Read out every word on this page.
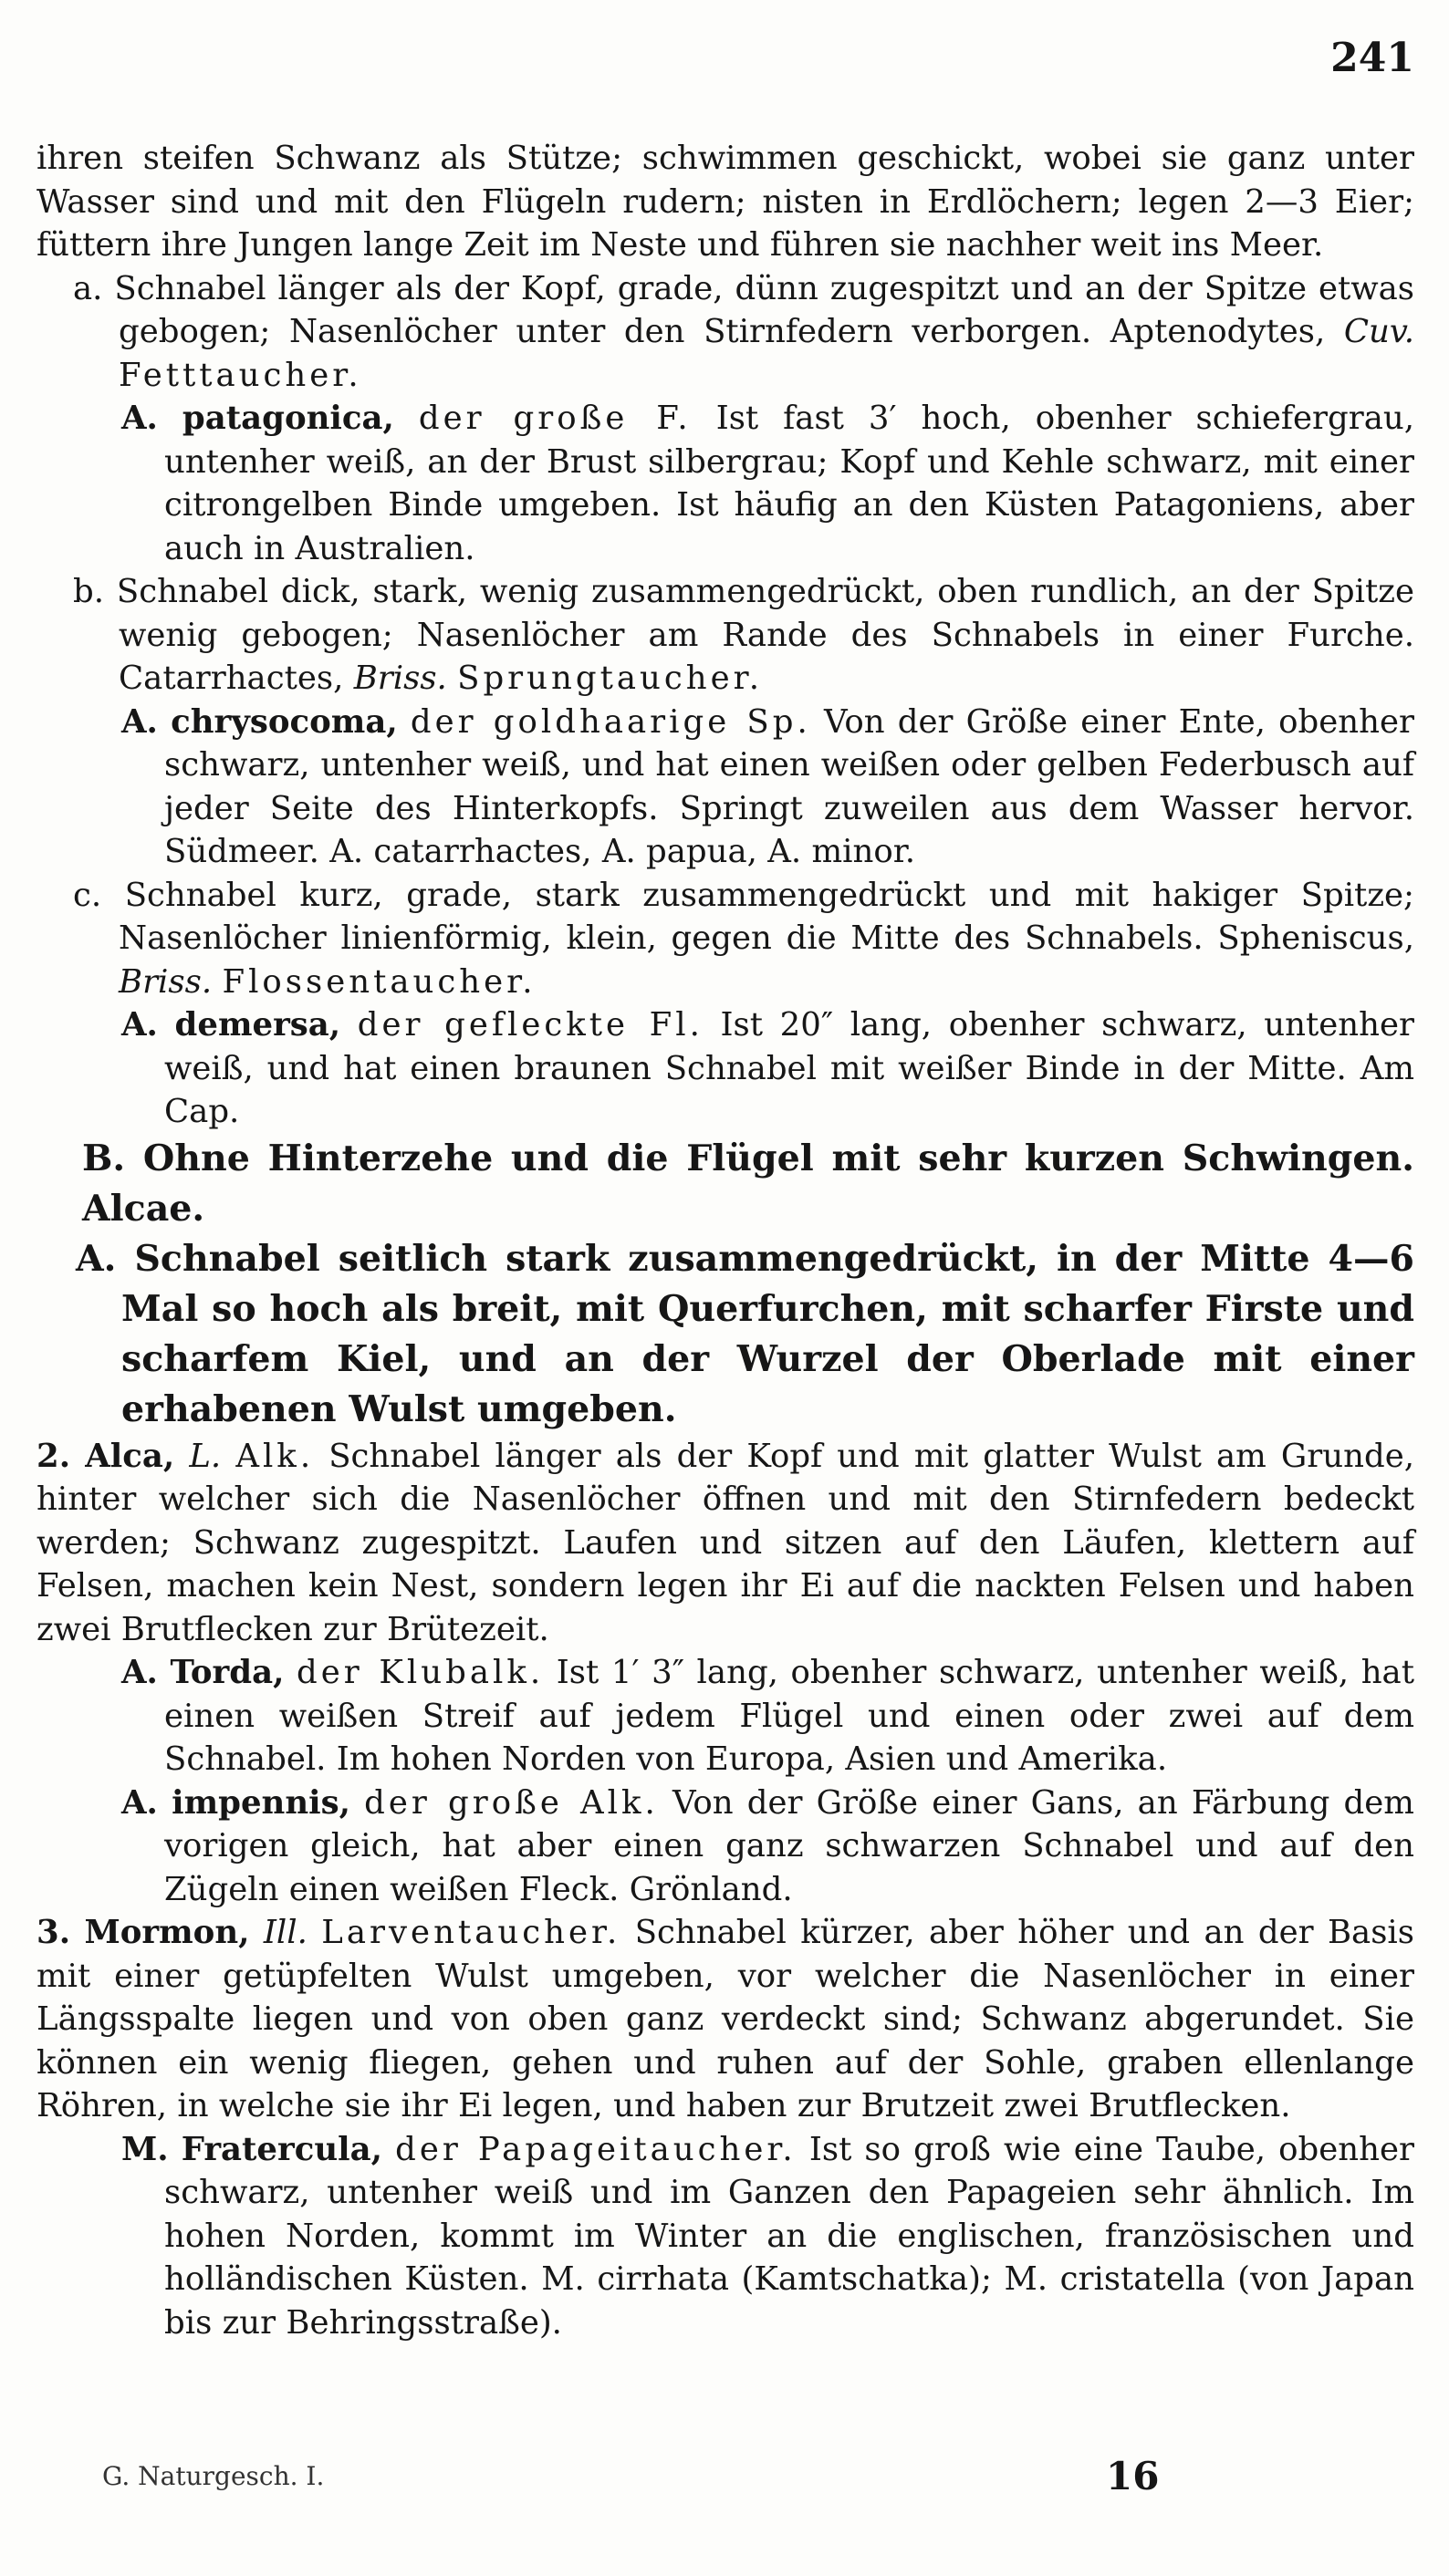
241

ihren steifen Schwanz als Stütze; schwimmen geschickt, wobei sie ganz unter Wasser sind und mit den Flügeln rudern; nisten in Erdlöchern; legen 2—3 Eier; füttern ihre Jungen lange Zeit im Neste und führen sie nachher weit ins Meer.

a. Schnabel länger als der Kopf, grade, dünn zugespitzt und an der Spitze etwas gebogen; Nasenlöcher unter den Stirnfedern verborgen. Aptenodytes, Cuv. Fetttaucher.

A. patagonica, der große F. Ist fast 3′ hoch, obenher schiefergrau, untenher weiß, an der Brust silbergrau; Kopf und Kehle schwarz, mit einer citrongelben Binde umgeben. Ist häufig an den Küsten Patagoniens, aber auch in Australien.

b. Schnabel dick, stark, wenig zusammengedrückt, oben rundlich, an der Spitze wenig gebogen; Nasenlöcher am Rande des Schnabels in einer Furche. Catarrhactes, Briss. Sprungtaucher.

A. chrysocoma, der goldhaarige Sp. Von der Größe einer Ente, obenher schwarz, untenher weiß, und hat einen weißen oder gelben Federbusch auf jeder Seite des Hinterkopfs. Springt zuweilen aus dem Wasser hervor. Südmeer. A. catarrhactes, A. papua, A. minor.

c. Schnabel kurz, grade, stark zusammengedrückt und mit hakiger Spitze; Nasenlöcher linienförmig, klein, gegen die Mitte des Schnabels. Spheniscus, Briss. Flossentaucher.

A. demersa, der gefleckte Fl. Ist 20″ lang, obenher schwarz, untenher weiß, und hat einen braunen Schnabel mit weißer Binde in der Mitte. Am Cap.

B. Ohne Hinterzehe und die Flügel mit sehr kurzen Schwingen. Alcae.

A. Schnabel seitlich stark zusammengedrückt, in der Mitte 4—6 Mal so hoch als breit, mit Querfurchen, mit scharfer Firste und scharfem Kiel, und an der Wurzel der Oberlade mit einer erhabenen Wulst umgeben.

2. Alca, L. Alk. Schnabel länger als der Kopf und mit glatter Wulst am Grunde, hinter welcher sich die Nasenlöcher öffnen und mit den Stirnfedern bedeckt werden; Schwanz zugespitzt. Laufen und sitzen auf den Läufen, klettern auf Felsen, machen kein Nest, sondern legen ihr Ei auf die nackten Felsen und haben zwei Brutflecken zur Brütezeit.

A. Torda, der Klubalk. Ist 1′ 3″ lang, obenher schwarz, untenher weiß, hat einen weißen Streif auf jedem Flügel und einen oder zwei auf dem Schnabel. Im hohen Norden von Europa, Asien und Amerika.

A. impennis, der große Alk. Von der Größe einer Gans, an Färbung dem vorigen gleich, hat aber einen ganz schwarzen Schnabel und auf den Zügeln einen weißen Fleck. Grönland.

3. Mormon, Ill. Larventaucher. Schnabel kürzer, aber höher und an der Basis mit einer getüpfelten Wulst umgeben, vor welcher die Nasenlöcher in einer Längsspalte liegen und von oben ganz verdeckt sind; Schwanz abgerundet. Sie können ein wenig fliegen, gehen und ruhen auf der Sohle, graben ellenlange Röhren, in welche sie ihr Ei legen, und haben zur Brutzeit zwei Brutflecken.

M. Fratercula, der Papageitaucher. Ist so groß wie eine Taube, obenher schwarz, untenher weiß und im Ganzen den Papageien sehr ähnlich. Im hohen Norden, kommt im Winter an die englischen, französischen und holländischen Küsten. M. cirrhata (Kamtschatka); M. cristatella (von Japan bis zur Behringsstraße).

G. Naturgesch. I.	16
